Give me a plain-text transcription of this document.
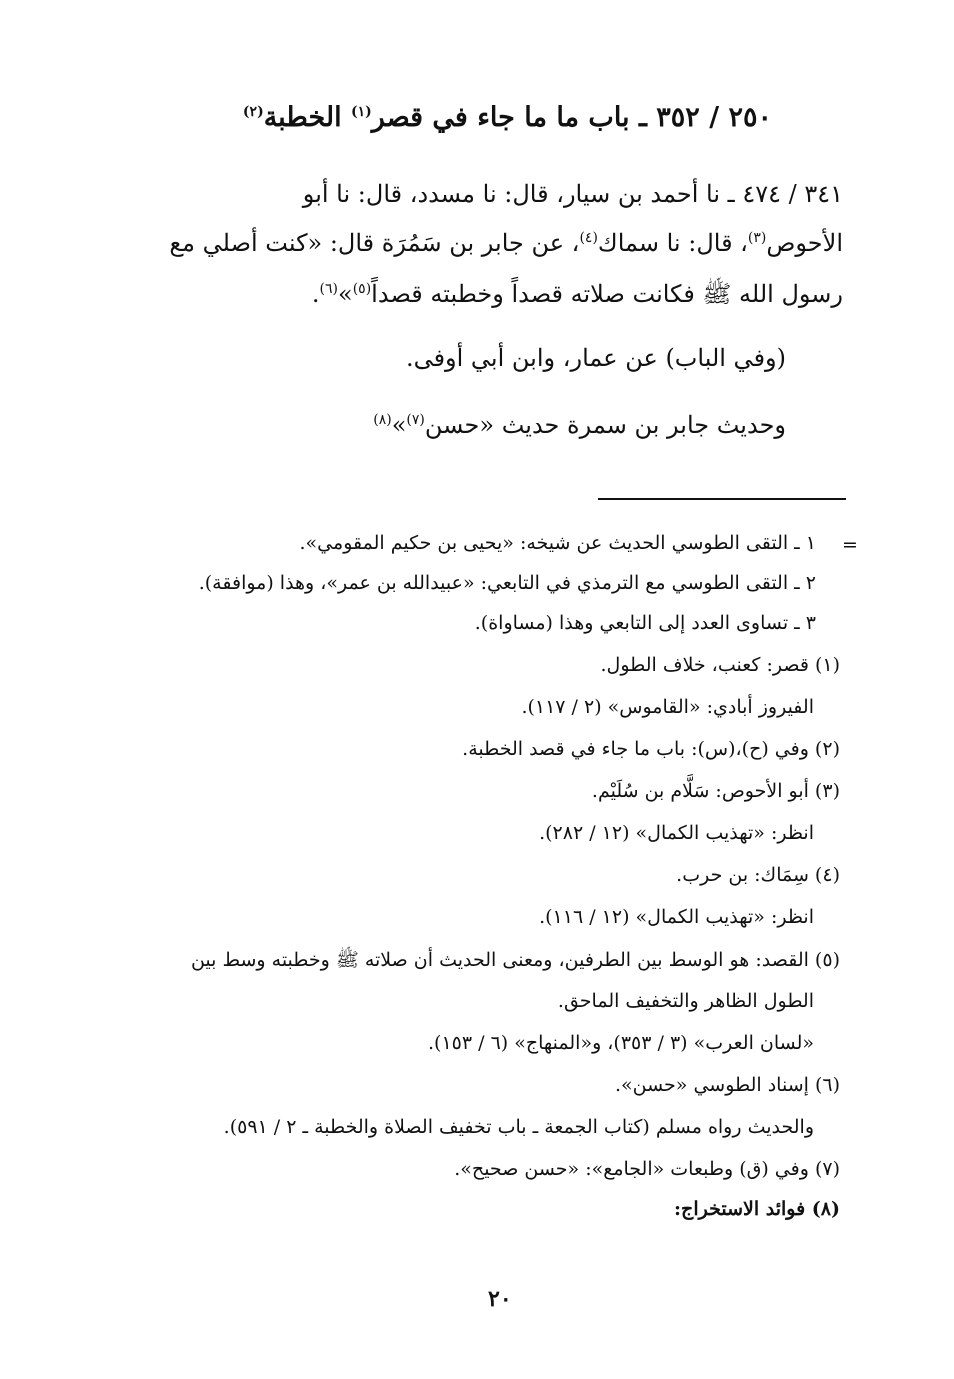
٢٥٠ / ٣٥٢ ـ باب ما ما جاء في قصر$^{(١)}$ الخطبة$^{(٢)}$
٣٤١ / ٤٧٤ ـ نا أحمد بن سيار، قال: نا مسدد، قال: نا أبو
الأحوص$^{(٣)}$، قال: نا سماك$^{(٤)}$، عن جابر بن سَمُرَة قال: «كنت أصلي مع
رسول الله ﷺ فكانت صلاته قصداً وخطبته قصداً$^{(٥)}$»$^{(٦)}$.
(وفي الباب) عن عمار، وابن أبي أوفى.
وحديث جابر بن سمرة حديث «حسن$^{(٧)}$»$^{(٨)}$
=
١ ـ التقى الطوسي الحديث عن شيخه: «يحيى بن حكيم المقومي».
٢ ـ التقى الطوسي مع الترمذي في التابعي: «عبيدالله بن عمر»، وهذا (موافقة).
٣ ـ تساوى العدد إلى التابعي وهذا (مساواة).
(١) قصر: كعنب، خلاف الطول.
الفيروز أبادي: «القاموس» (٢ / ١١٧).
(٢) وفي (ح)،(س): باب ما جاء في قصد الخطبة.
(٣) أبو الأحوص: سَلَّام بن سُلَيْم.
انظر: «تهذيب الكمال» (١٢ / ٢٨٢).
(٤) سِمَاك: بن حرب.
انظر: «تهذيب الكمال» (١٢ / ١١٦).
(٥) القصد: هو الوسط بين الطرفين، ومعنى الحديث أن صلاته ﷺ وخطبته وسط بين
الطول الظاهر والتخفيف الماحق.
«لسان العرب» (٣ / ٣٥٣)، و«المنهاج» (٦ / ١٥٣).
(٦) إسناد الطوسي «حسن».
والحديث رواه مسلم (كتاب الجمعة ـ باب تخفيف الصلاة والخطبة ـ ٢ / ٥٩١).
(٧) وفي (ق) وطبعات «الجامع»: «حسن صحيح».
(٨) فوائد الاستخراج:
٢٠
